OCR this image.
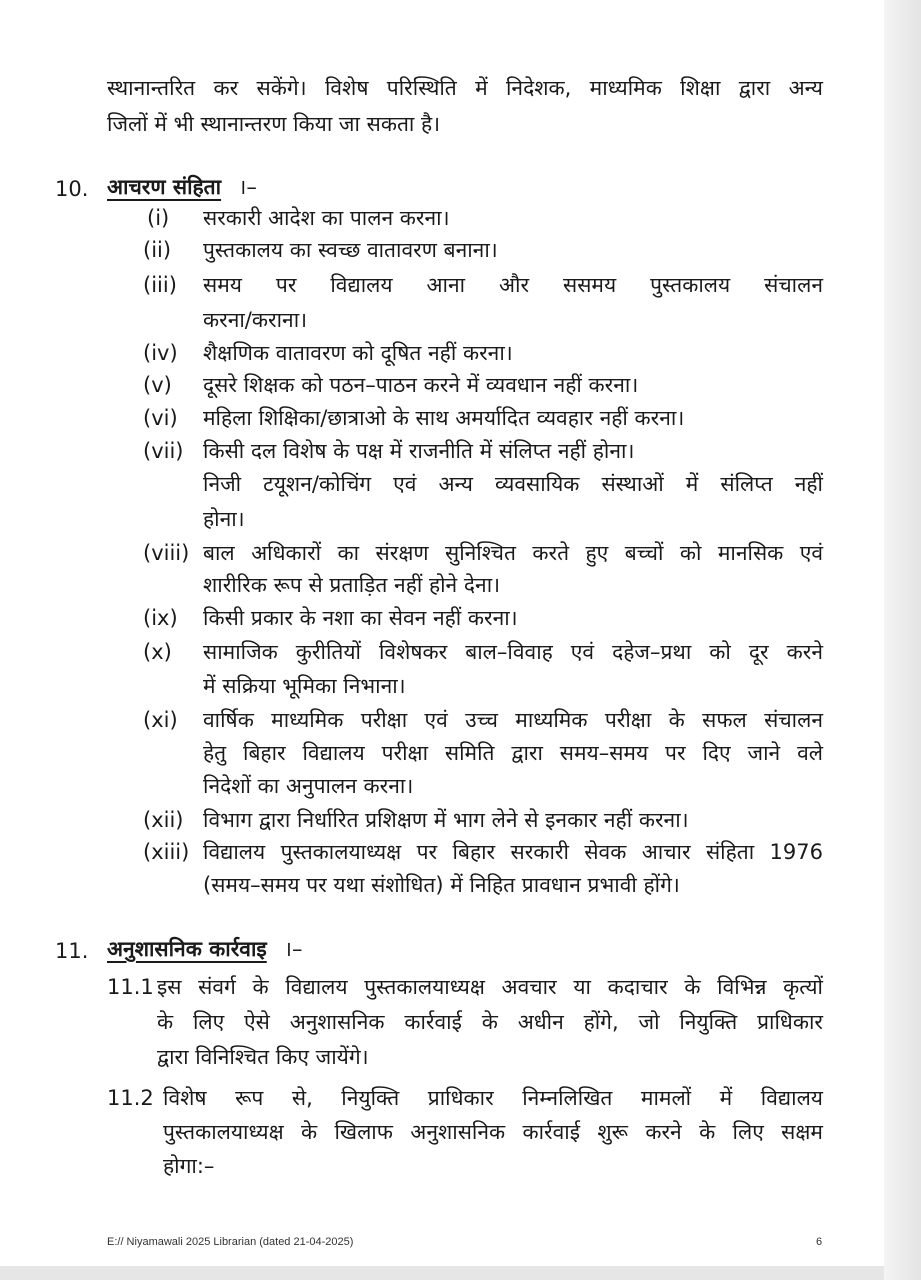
स्थानान्तरित कर सकेंगे। विशेष परिस्थिति में निदेशक, माध्यमिक शिक्षा द्वारा अन्य
जिलों में भी स्थानान्तरण किया जा सकता है।
10. आचरण संहिता ।–
(i) सरकारी आदेश का पालन करना।
(ii) पुस्तकालय का स्वच्छ वातावरण बनाना।
(iii) समय पर विद्यालय आना और ससमय पुस्तकालय संचालन
करना/कराना।
(iv) शैक्षणिक वातावरण को दूषित नहीं करना।
(v) दूसरे शिक्षक को पठन–पाठन करने में व्यवधान नहीं करना।
(vi) महिला शिक्षिका/छात्राओ के साथ अमर्यादित व्यवहार नहीं करना।
(vii) किसी दल विशेष के पक्ष में राजनीति में संलिप्त नहीं होना।
निजी टयूशन/कोचिंग एवं अन्य व्यवसायिक संस्थाओं में संलिप्त नहीं
होना।
(viii) बाल अधिकारों का संरक्षण सुनिश्चित करते हुए बच्चों को मानसिक एवं
शारीरिक रूप से प्रताड़ित नहीं होने देना।
(ix) किसी प्रकार के नशा का सेवन नहीं करना।
(x) सामाजिक कुरीतियों विशेषकर बाल–विवाह एवं दहेज–प्रथा को दूर करने
में सक्रिया भूमिका निभाना।
(xi) वार्षिक माध्यमिक परीक्षा एवं उच्च माध्यमिक परीक्षा के सफल संचालन
हेतु बिहार विद्यालय परीक्षा समिति द्वारा समय–समय पर दिए जाने वले
निदेशों का अनुपालन करना।
(xii) विभाग द्वारा निर्धारित प्रशिक्षण में भाग लेने से इनकार नहीं करना।
(xiii) विद्यालय पुस्तकालयाध्यक्ष पर बिहार सरकारी सेवक आचार संहिता 1976
(समय–समय पर यथा संशोधित) में निहित प्रावधान प्रभावी होंगे।
11. अनुशासनिक कार्रवाइ ।–
11.1 इस संवर्ग के विद्यालय पुस्तकालयाध्यक्ष अवचार या कदाचार के विभिन्न कृत्यों
के लिए ऐसे अनुशासनिक कार्रवाई के अधीन होंगे, जो नियुक्ति प्राधिकार
द्वारा विनिश्चित किए जायेंगे।
11.2 विशेष रूप से, नियुक्ति प्राधिकार निम्नलिखित मामलों में विद्यालय
पुस्तकालयाध्यक्ष के खिलाफ अनुशासनिक कार्रवाई शुरू करने के लिए सक्षम
होगा:–
E:// Niyamawali 2025 Librarian (dated 21-04-2025)	6
